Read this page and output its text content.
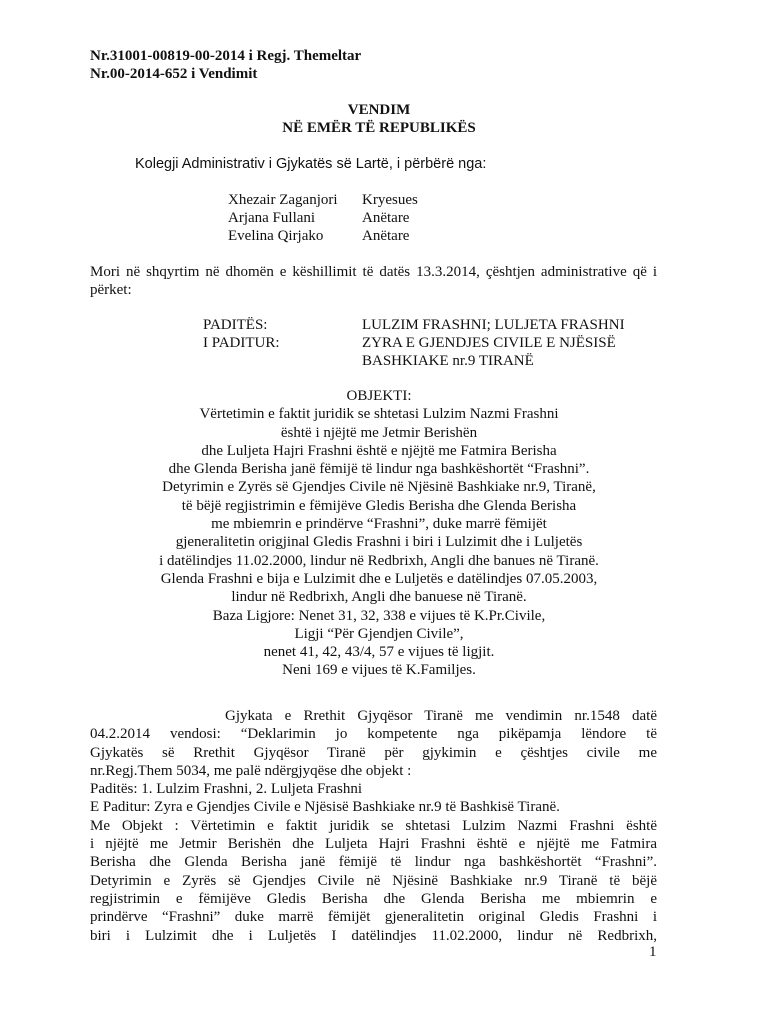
Nr.31001-00819-00-2014 i Regj. Themeltar
Nr.00-2014-652 i Vendimit
VENDIM
NË EMËR TË REPUBLIKËS
Kolegji Administrativ i Gjykatës së Lartë, i përbërë nga:
Xhezair Zaganjori Kryesues
Arjana Fullani	Anëtare
Evelina Qirjako	Anëtare
Mori në shqyrtim në dhomën e këshillimit të datës 13.3.2014, çështjen administrative që i
përket:
PADITËS:	LULZIM FRASHNI; LULJETA FRASHNI
I PADITUR:	ZYRA E GJENDJES CIVILE E NJËSISË
BASHKIAKE nr.9 TIRANË
OBJEKTI:
Vërtetimin e faktit juridik se shtetasi Lulzim Nazmi Frashni
është i njëjtë me Jetmir Berishën
dhe Luljeta Hajri Frashni është e njëjtë me Fatmira Berisha
dhe Glenda Berisha janë fëmijë të lindur nga bashkëshortët “Frashni”.
Detyrimin e Zyrës së Gjendjes Civile në Njësinë Bashkiake nr.9, Tiranë,
të bëjë regjistrimin e fëmijëve Gledis Berisha dhe Glenda Berisha
me mbiemrin e prindërve “Frashni”, duke marrë fëmijët
gjeneralitetin origjinal Gledis Frashni i biri i Lulzimit dhe i Luljetës
i datëlindjes 11.02.2000, lindur në Redbrixh, Angli dhe banues në Tiranë.
Glenda Frashni e bija e Lulzimit dhe e Luljetës e datëlindjes 07.05.2003,
lindur në Redbrixh, Angli dhe banuese në Tiranë.
Baza Ligjore: Nenet 31, 32, 338 e vijues të K.Pr.Civile,
Ligji “Për Gjendjen Civile”,
nenet 41, 42, 43/4, 57 e vijues të ligjit.
Neni 169 e vijues të K.Familjes.
Gjykata e Rrethit Gjyqësor Tiranë me vendimin nr.1548 datë
04.2.2014 vendosi: “Deklarimin jo kompetente nga pikëpamja lëndore të
Gjykatës së Rrethit Gjyqësor Tiranë për gjykimin e çështjes civile me
nr.Regj.Them 5034, me palë ndërgjyqëse dhe objekt :
Paditës: 1. Lulzim Frashni, 2. Luljeta Frashni
E Paditur: Zyra e Gjendjes Civile e Njësisë Bashkiake nr.9 të Bashkisë Tiranë.
Me Objekt : Vërtetimin e faktit juridik se shtetasi Lulzim Nazmi Frashni është
i njëjtë me Jetmir Berishën dhe Luljeta Hajri Frashni është e njëjtë me Fatmira
Berisha dhe Glenda Berisha janë fëmijë të lindur nga bashkëshortët “Frashni”.
Detyrimin e Zyrës së Gjendjes Civile në Njësinë Bashkiake nr.9 Tiranë të bëjë
regjistrimin e fëmijëve Gledis Berisha dhe Glenda Berisha me mbiemrin e
prindërve “Frashni” duke marrë fëmijët gjeneralitetin original Gledis Frashni i
biri i Lulzimit dhe i Luljetës I datëlindjes 11.02.2000, lindur në Redbrixh,
1
